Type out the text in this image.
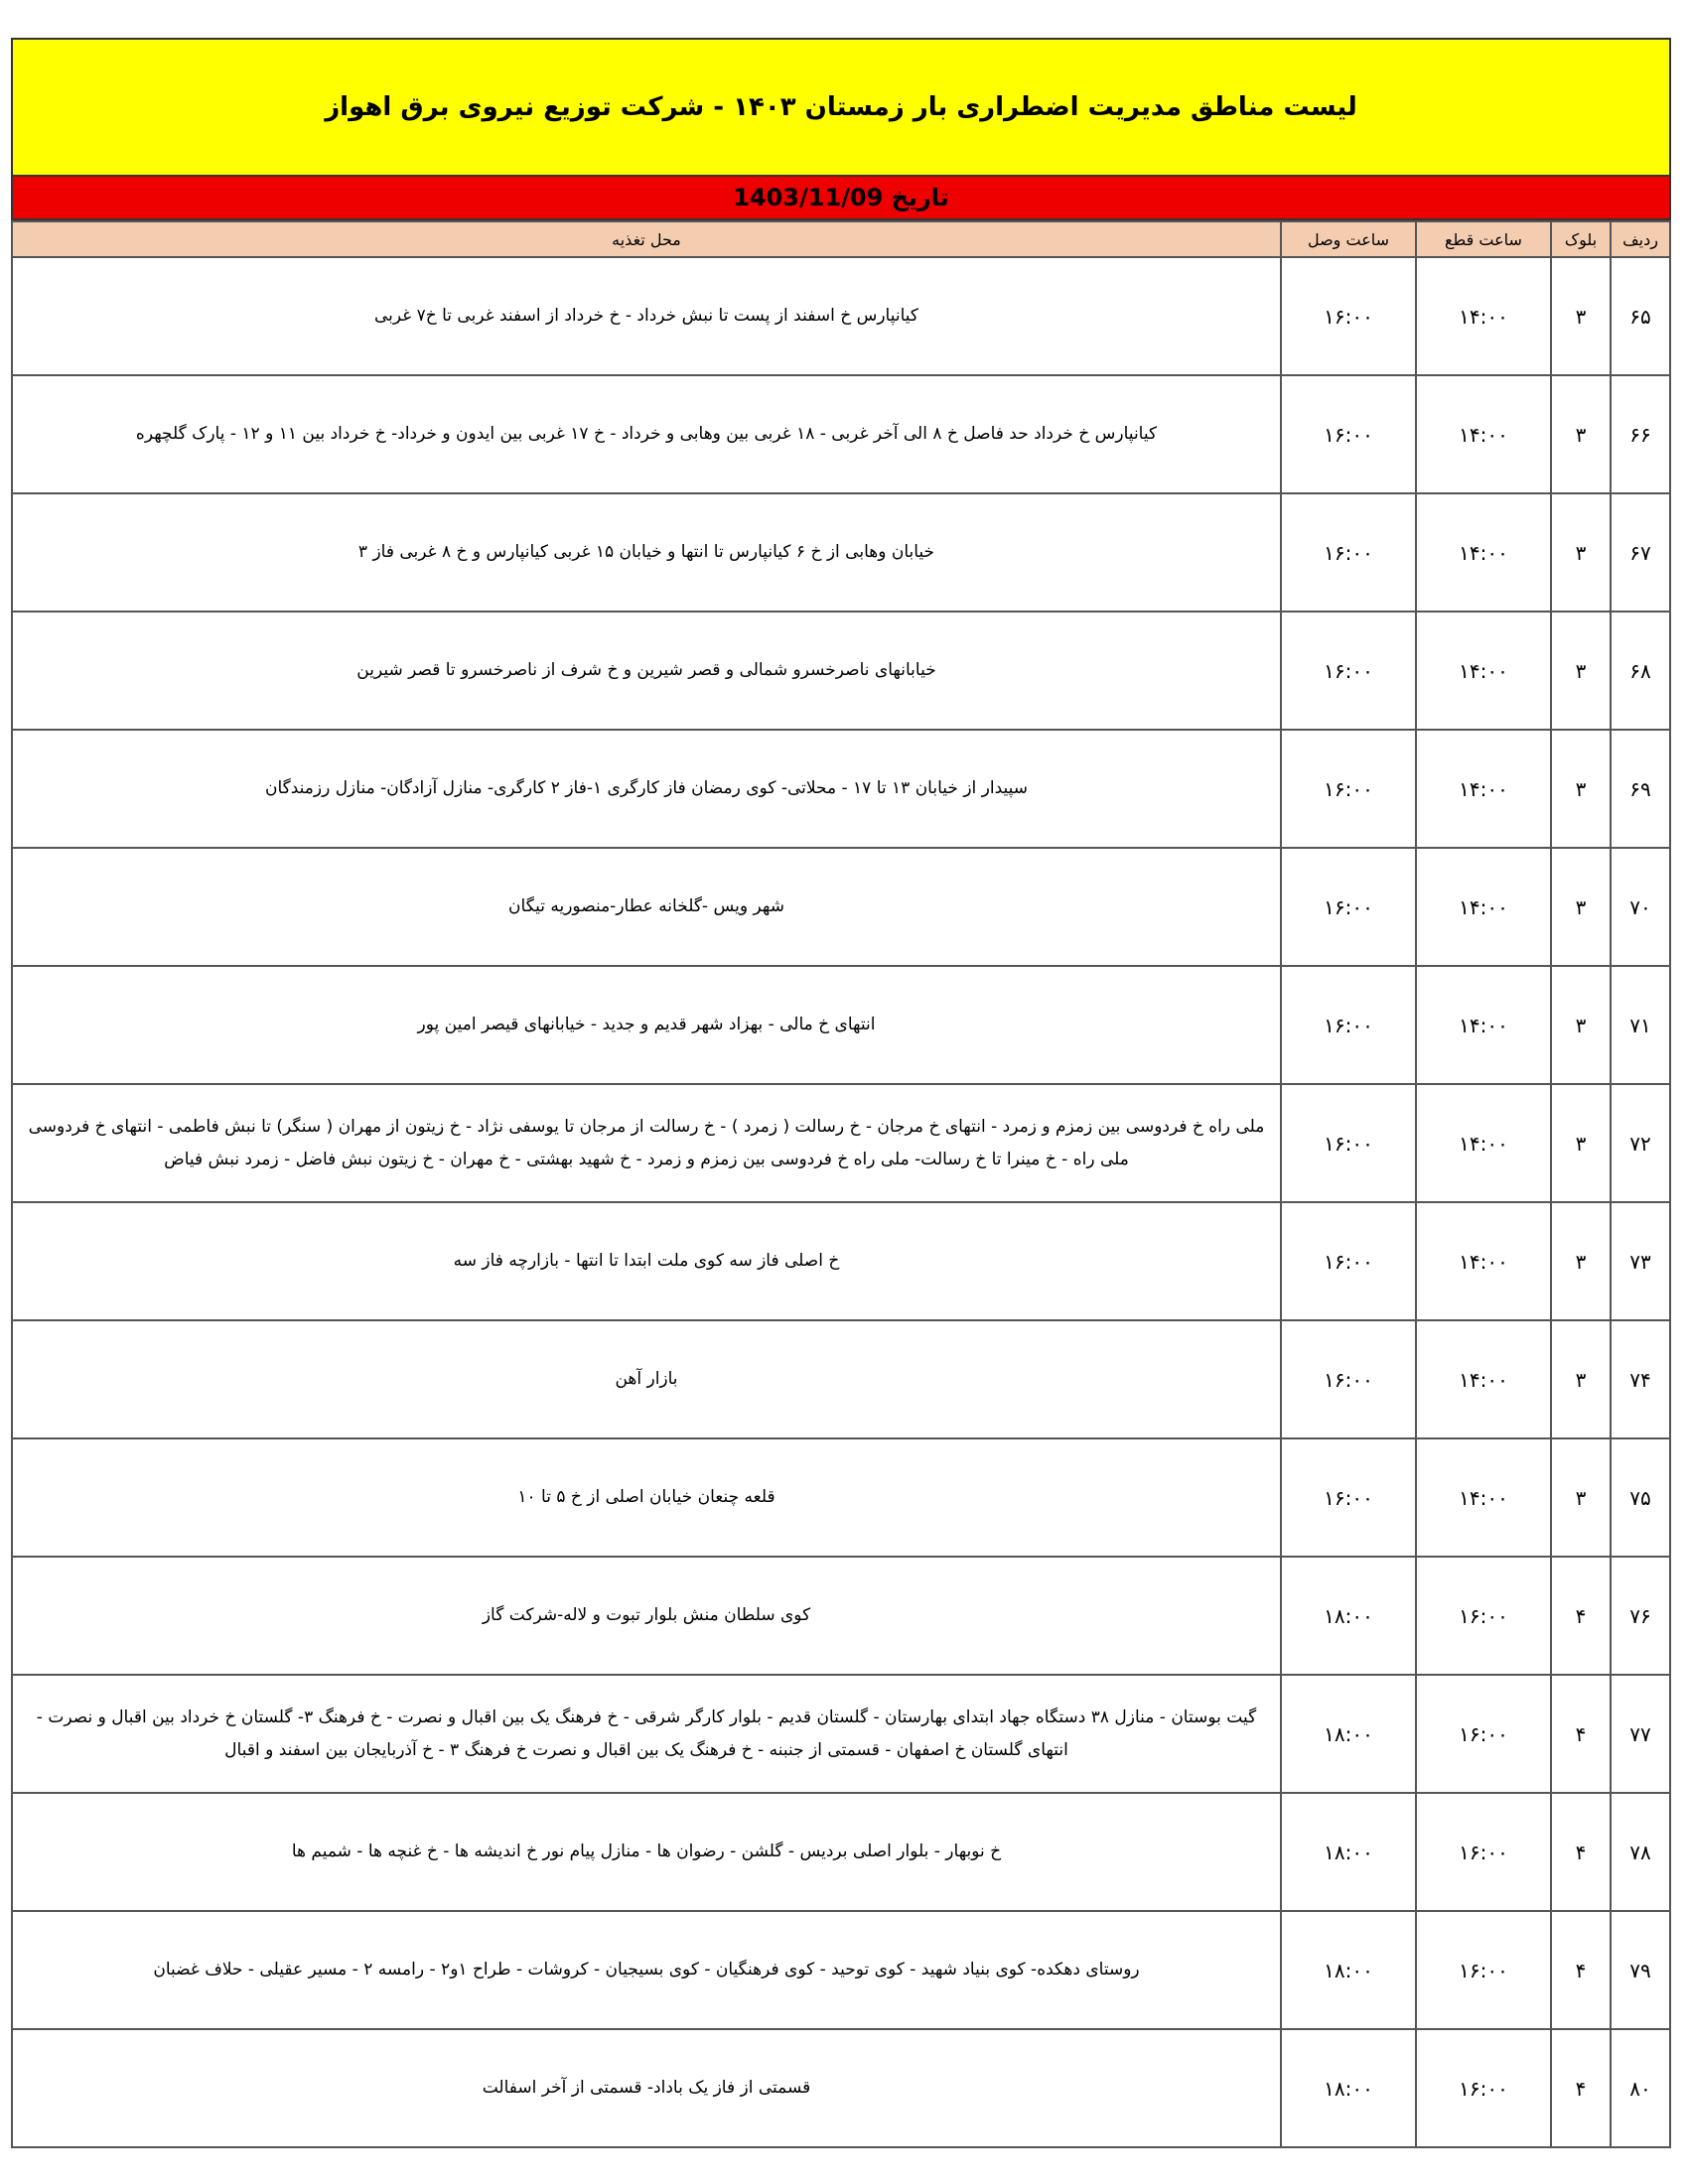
لیست مناطق مدیریت اضطراری بار زمستان ۱۴۰۳ - شرکت توزیع نیروی برق اهواز
تاریخ 1403/11/09
ردیف	بلوک	ساعت قطع	ساعت وصل	محل تغذیه
۶۵	۳	۱۴:۰۰	۱۶:۰۰	کیانپارس خ اسفند از پست تا نبش خرداد - خ خرداد از اسفند غربی تا خ۷ غربی
۶۶	۳	۱۴:۰۰	۱۶:۰۰	کیانپارس خ خرداد حد فاصل خ ۸ الی آخر غربی - ۱۸ غربی بین وهابی و خرداد - خ ۱۷ غربی بین ایدون و خرداد- خ خرداد بین ۱۱ و ۱۲ - پارک گلچهره
۶۷	۳	۱۴:۰۰	۱۶:۰۰	خیابان وهابی از خ ۶ کیانپارس تا انتها و خیابان ۱۵ غربی کیانپارس و خ ۸ غربی فاز ۳
۶۸	۳	۱۴:۰۰	۱۶:۰۰	خیابانهای ناصرخسرو شمالی و قصر شیرین و خ شرف از ناصرخسرو تا قصر شیرین
۶۹	۳	۱۴:۰۰	۱۶:۰۰	سپیدار از خیابان ۱۳ تا ۱۷ - محلاتی- کوی رمضان فاز کارگری ۱-فاز ۲ کارگری- منازل آزادگان- منازل رزمندگان
۷۰	۳	۱۴:۰۰	۱۶:۰۰	شهر ویس -گلخانه عطار-منصوریه تیگان
۷۱	۳	۱۴:۰۰	۱۶:۰۰	انتهای خ مالی - بهزاد شهر قدیم و جدید - خیابانهای قیصر امین پور
۷۲	۳	۱۴:۰۰	۱۶:۰۰	ملی راه خ فردوسی بین زمزم و زمرد - انتهای خ مرجان - خ رسالت ( زمرد ) - خ رسالت از مرجان تا یوسفی نژاد - خ زیتون از مهران ( سنگر) تا نبش فاطمی - انتهای خ فردوسی ملی راه - خ مینرا تا خ رسالت- ملی راه خ فردوسی بین زمزم و زمرد - خ شهید بهشتی - خ مهران - خ زیتون نبش فاضل - زمرد نبش فیاض
۷۳	۳	۱۴:۰۰	۱۶:۰۰	خ اصلی فاز سه کوی ملت ابتدا تا انتها - بازارچه فاز سه
۷۴	۳	۱۴:۰۰	۱۶:۰۰	بازار آهن
۷۵	۳	۱۴:۰۰	۱۶:۰۰	قلعه چنعان خیابان اصلی از خ ۵ تا ۱۰
۷۶	۴	۱۶:۰۰	۱۸:۰۰	کوی سلطان منش بلوار تبوت و لاله-شرکت گاز
۷۷	۴	۱۶:۰۰	۱۸:۰۰	گیت بوستان - منازل ۳۸ دستگاه جهاد ابتدای بهارستان - گلستان قدیم - بلوار کارگر شرقی - خ فرهنگ یک بین اقبال و نصرت - خ فرهنگ ۳- گلستان خ خرداد بین اقبال و نصرت - انتهای گلستان خ اصفهان - قسمتی از جنبنه - خ فرهنگ یک بین اقبال و نصرت خ فرهنگ ۳ - خ آذربایجان بین اسفند و اقبال
۷۸	۴	۱۶:۰۰	۱۸:۰۰	خ نوبهار - بلوار اصلی بردیس - گلشن - رضوان ها - منازل پیام نور خ اندیشه ها - خ غنچه ها - شمیم ها
۷۹	۴	۱۶:۰۰	۱۸:۰۰	روستای دهکده- کوی بنیاد شهید - کوی توحید - کوی فرهنگیان - کوی بسیجیان - کروشات - طراح ۱و۲ - رامسه ۲ - مسیر عقیلی - حلاف غضبان
۸۰	۴	۱۶:۰۰	۱۸:۰۰	قسمتی از فاز یک باداد- قسمتی از آخر اسفالت
